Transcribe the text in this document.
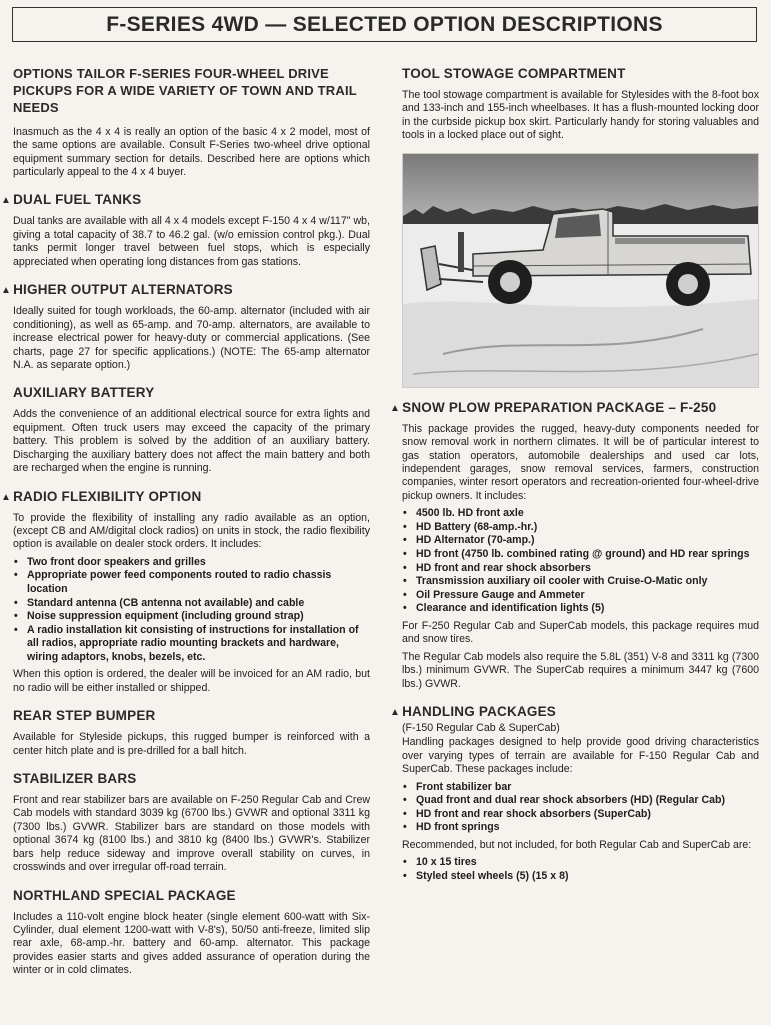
F-SERIES 4WD — SELECTED OPTION DESCRIPTIONS
OPTIONS TAILOR F-SERIES FOUR-WHEEL DRIVE PICKUPS FOR A WIDE VARIETY OF TOWN AND TRAIL NEEDS

Inasmuch as the 4 x 4 is really an option of the basic 4 x 2 model, most of the same options are available. Consult F-Series two-wheel drive optional equipment summary section for details. Described here are options which particularly appeal to the 4 x 4 buyer.

▲ DUAL FUEL TANKS

Dual tanks are available with all 4 x 4 models except F-150 4 x 4 w/117" wb, giving a total capacity of 38.7 to 46.2 gal. (w/o emission control pkg.). Dual tanks permit longer travel between fuel stops, which is especially appreciated when operating long distances from gas stations.

▲ HIGHER OUTPUT ALTERNATORS

Ideally suited for tough workloads, the 60-amp. alternator (included with air conditioning), as well as 65-amp. and 70-amp. alternators, are available to increase electrical power for heavy-duty or commercial applications. (See charts, page 27 for specific applications.) (NOTE: The 65-amp alternator N.A. as separate option.)

AUXILIARY BATTERY

Adds the convenience of an additional electrical source for extra lights and equipment. Often truck users may exceed the capacity of the primary battery. This problem is solved by the addition of an auxiliary battery. Discharging the auxiliary battery does not affect the main battery and both are recharged when the engine is running.

▲ RADIO FLEXIBILITY OPTION

To provide the flexibility of installing any radio available as an option, (except CB and AM/digital clock radios) on units in stock, the radio flexibility option is available on dealer stock orders. It includes:

• Two front door speakers and grilles
• Appropriate power feed components routed to radio chassis location
• Standard antenna (CB antenna not available) and cable
• Noise suppression equipment (including ground strap)
• A radio installation kit consisting of instructions for installation of all radios, appropriate radio mounting brackets and hardware, wiring adaptors, knobs, bezels, etc.

When this option is ordered, the dealer will be invoiced for an AM radio, but no radio will be either installed or shipped.

REAR STEP BUMPER

Available for Styleside pickups, this rugged bumper is reinforced with a center hitch plate and is pre-drilled for a ball hitch.

STABILIZER BARS

Front and rear stabilizer bars are available on F-250 Regular Cab and Crew Cab models with standard 3039 kg (6700 lbs.) GVWR and optional 3311 kg (7300 lbs.) GVWR. Stabilizer bars are standard on those models with optional 3674 kg (8100 lbs.) and 3810 kg (8400 lbs.) GVWR's. Stabilizer bars help reduce sideway and improve overall stability on curves, in crosswinds and over irregular off-road terrain.

NORTHLAND SPECIAL PACKAGE

Includes a 110-volt engine block heater (single element 600-watt with Six-Cylinder, dual element 1200-watt with V-8's), 50/50 anti-freeze, limited slip rear axle, 68-amp.-hr. battery and 60-amp. alternator. This package provides easier starts and gives added assurance of operation during the winter or in cold climates.

TOOL STOWAGE COMPARTMENT

The tool stowage compartment is available for Stylesides with the 8-foot box and 133-inch and 155-inch wheelbases. It has a flush-mounted locking door in the curbside pickup box skirt. Particularly handy for storing valuables and tools in a locked place out of sight.

▲ SNOW PLOW PREPARATION PACKAGE – F-250

This package provides the rugged, heavy-duty components needed for snow removal work in northern climates. It will be of particular interest to gas station operators, automobile dealerships and used car lots, independent garages, snow removal services, farmers, construction companies, winter resort operators and recreation-oriented four-wheel-drive pickup owners. It includes:

• 4500 lb. HD front axle
• HD Battery (68-amp.-hr.)
• HD Alternator (70-amp.)
• HD front (4750 lb. combined rating @ ground) and HD rear springs
• HD front and rear shock absorbers
• Transmission auxiliary oil cooler with Cruise-O-Matic only
• Oil Pressure Gauge and Ammeter
• Clearance and identification lights (5)

For F-250 Regular Cab and SuperCab models, this package requires mud and snow tires.

The Regular Cab models also require the 5.8L (351) V-8 and 3311 kg (7300 lbs.) minimum GVWR. The SuperCab requires a minimum 3447 kg (7600 lbs.) GVWR.

▲ HANDLING PACKAGES

(F-150 Regular Cab & SuperCab)

Handling packages designed to help provide good driving characteristics over varying types of terrain are available for F-150 Regular Cab and SuperCab. These packages include:

• Front stabilizer bar
• Quad front and dual rear shock absorbers (HD) (Regular Cab)
• HD front and rear shock absorbers (SuperCab)
• HD front springs

Recommended, but not included, for both Regular Cab and SuperCab are:

• 10 x 15 tires
• Styled steel wheels (5) (15 x 8)
